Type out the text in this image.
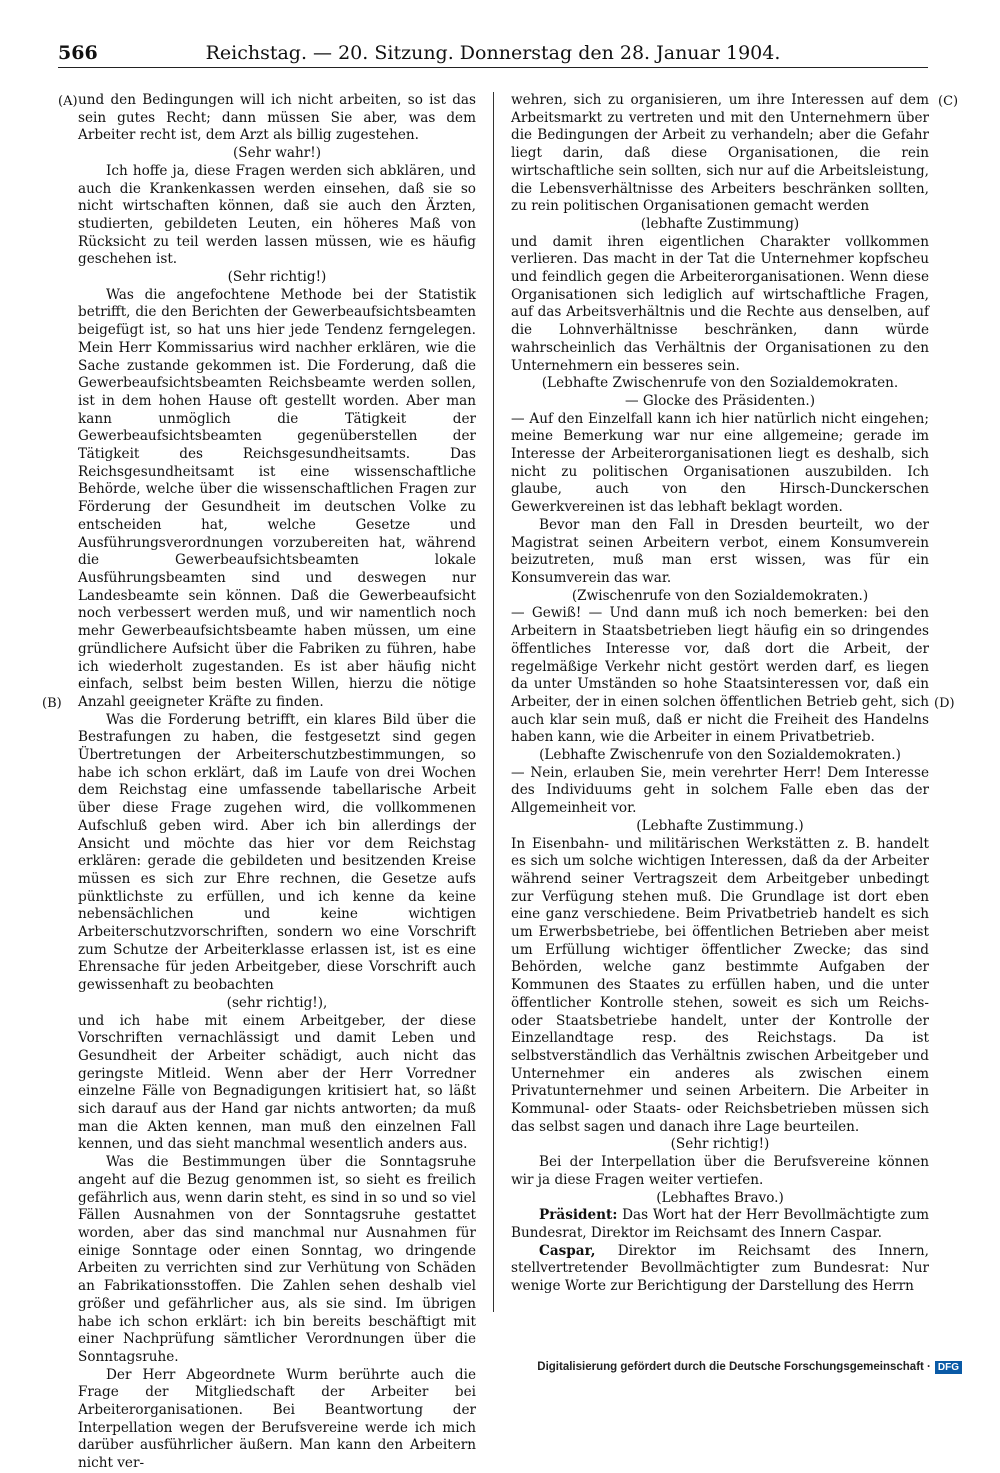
566	Reichstag. — 20. Sitzung. Donnerstag den 28. Januar 1904.
(A)
(B)
(C)
(D)

und den Bedingungen will ich nicht arbeiten, so ist das sein gutes Recht; dann müssen Sie aber, was dem Arbeiter recht ist, dem Arzt als billig zugestehen.

(Sehr wahr!)

Ich hoffe ja, diese Fragen werden sich abklären, und auch die Krankenkassen werden einsehen, daß sie so nicht wirtschaften können, daß sie auch den Ärzten, studierten, gebildeten Leuten, ein höheres Maß von Rücksicht zu teil werden lassen müssen, wie es häufig geschehen ist.

(Sehr richtig!)

Was die angefochtene Methode bei der Statistik betrifft, die den Berichten der Gewerbeaufsichtsbeamten beigefügt ist, so hat uns hier jede Tendenz ferngelegen. Mein Herr Kommissarius wird nachher erklären, wie die Sache zustande gekommen ist. Die Forderung, daß die Gewerbeaufsichtsbeamten Reichsbeamte werden sollen, ist in dem hohen Hause oft gestellt worden. Aber man kann unmöglich die Tätigkeit der Gewerbeaufsichtsbeamten gegenüberstellen der Tätigkeit des Reichsgesundheitsamts. Das Reichsgesundheitsamt ist eine wissenschaftliche Behörde, welche über die wissenschaftlichen Fragen zur Förderung der Gesundheit im deutschen Volke zu entscheiden hat, welche Gesetze und Ausführungsverordnungen vorzubereiten hat, während die Gewerbeaufsichtsbeamten lokale Ausführungsbeamten sind und deswegen nur Landesbeamte sein können. Daß die Gewerbeaufsicht noch verbessert werden muß, und wir namentlich noch mehr Gewerbeaufsichtsbeamte haben müssen, um eine gründlichere Aufsicht über die Fabriken zu führen, habe ich wiederholt zugestanden. Es ist aber häufig nicht einfach, selbst beim besten Willen, hierzu die nötige Anzahl geeigneter Kräfte zu finden.

Was die Forderung betrifft, ein klares Bild über die Bestrafungen zu haben, die festgesetzt sind gegen Übertretungen der Arbeiterschutzbestimmungen, so habe ich schon erklärt, daß im Laufe von drei Wochen dem Reichstag eine umfassende tabellarische Arbeit über diese Frage zugehen wird, die vollkommenen Aufschluß geben wird. Aber ich bin allerdings der Ansicht und möchte das hier vor dem Reichstag erklären: gerade die gebildeten und besitzenden Kreise müssen es sich zur Ehre rechnen, die Gesetze aufs pünktlichste zu erfüllen, und ich kenne da keine nebensächlichen und keine wichtigen Arbeiterschutzvorschriften, sondern wo eine Vorschrift zum Schutze der Arbeiterklasse erlassen ist, ist es eine Ehrensache für jeden Arbeitgeber, diese Vorschrift auch gewissenhaft zu beobachten

(sehr richtig!),

und ich habe mit einem Arbeitgeber, der diese Vorschriften vernachlässigt und damit Leben und Gesundheit der Arbeiter schädigt, auch nicht das geringste Mitleid. Wenn aber der Herr Vorredner einzelne Fälle von Begnadigungen kritisiert hat, so läßt sich darauf aus der Hand gar nichts antworten; da muß man die Akten kennen, man muß den einzelnen Fall kennen, und das sieht manchmal wesentlich anders aus.

Was die Bestimmungen über die Sonntagsruhe angeht auf die Bezug genommen ist, so sieht es freilich gefährlich aus, wenn darin steht, es sind in so und so viel Fällen Ausnahmen von der Sonntagsruhe gestattet worden, aber das sind manchmal nur Ausnahmen für einige Sonntage oder einen Sonntag, wo dringende Arbeiten zu verrichten sind zur Verhütung von Schäden an Fabrikationsstoffen. Die Zahlen sehen deshalb viel größer und gefährlicher aus, als sie sind. Im übrigen habe ich schon erklärt: ich bin bereits beschäftigt mit einer Nachprüfung sämtlicher Verordnungen über die Sonntagsruhe.

Der Herr Abgeordnete Wurm berührte auch die Frage der Mitgliedschaft der Arbeiter bei Arbeiterorganisationen. Bei Beantwortung der Interpellation wegen der Berufsvereine werde ich mich darüber ausführlicher äußern. Man kann den Arbeitern nicht ver-

wehren, sich zu organisieren, um ihre Interessen auf dem Arbeitsmarkt zu vertreten und mit den Unternehmern über die Bedingungen der Arbeit zu verhandeln; aber die Gefahr liegt darin, daß diese Organisationen, die rein wirtschaftliche sein sollten, sich nur auf die Arbeitsleistung, die Lebensverhältnisse des Arbeiters beschränken sollten, zu rein politischen Organisationen gemacht werden

(lebhafte Zustimmung)

und damit ihren eigentlichen Charakter vollkommen verlieren. Das macht in der Tat die Unternehmer kopfscheu und feindlich gegen die Arbeiterorganisationen. Wenn diese Organisationen sich lediglich auf wirtschaftliche Fragen, auf das Arbeitsverhältnis und die Rechte aus denselben, auf die Lohnverhältnisse beschränken, dann würde wahrscheinlich das Verhältnis der Organisationen zu den Unternehmern ein besseres sein.

(Lebhafte Zwischenrufe von den Sozialdemokraten.

— Glocke des Präsidenten.)

— Auf den Einzelfall kann ich hier natürlich nicht eingehen; meine Bemerkung war nur eine allgemeine; gerade im Interesse der Arbeiterorganisationen liegt es deshalb, sich nicht zu politischen Organisationen auszubilden. Ich glaube, auch von den Hirsch-Dunckerschen Gewerkvereinen ist das lebhaft beklagt worden.

Bevor man den Fall in Dresden beurteilt, wo der Magistrat seinen Arbeitern verbot, einem Konsumverein beizutreten, muß man erst wissen, was für ein Konsumverein das war.

(Zwischenrufe von den Sozialdemokraten.)

— Gewiß! — Und dann muß ich noch bemerken: bei den Arbeitern in Staatsbetrieben liegt häufig ein so dringendes öffentliches Interesse vor, daß dort die Arbeit, der regelmäßige Verkehr nicht gestört werden darf, es liegen da unter Umständen so hohe Staatsinteressen vor, daß ein Arbeiter, der in einen solchen öffentlichen Betrieb geht, sich auch klar sein muß, daß er nicht die Freiheit des Handelns haben kann, wie die Arbeiter in einem Privatbetrieb.

(Lebhafte Zwischenrufe von den Sozialdemokraten.)

— Nein, erlauben Sie, mein verehrter Herr! Dem Interesse des Individuums geht in solchem Falle eben das der Allgemeinheit vor.

(Lebhafte Zustimmung.)

In Eisenbahn- und militärischen Werkstätten z. B. handelt es sich um solche wichtigen Interessen, daß da der Arbeiter während seiner Vertragszeit dem Arbeitgeber unbedingt zur Verfügung stehen muß. Die Grundlage ist dort eben eine ganz verschiedene. Beim Privatbetrieb handelt es sich um Erwerbsbetriebe, bei öffentlichen Betrieben aber meist um Erfüllung wichtiger öffentlicher Zwecke; das sind Behörden, welche ganz bestimmte Aufgaben der Kommunen des Staates zu erfüllen haben, und die unter öffentlicher Kontrolle stehen, soweit es sich um Reichs- oder Staatsbetriebe handelt, unter der Kontrolle der Einzellandtage resp. des Reichstags. Da ist selbstverständlich das Verhältnis zwischen Arbeitgeber und Unternehmer ein anderes als zwischen einem Privatunternehmer und seinen Arbeitern. Die Arbeiter in Kommunal- oder Staats- oder Reichsbetrieben müssen sich das selbst sagen und danach ihre Lage beurteilen.

(Sehr richtig!)

Bei der Interpellation über die Berufsvereine können wir ja diese Fragen weiter vertiefen.

(Lebhaftes Bravo.)

Präsident: Das Wort hat der Herr Bevollmächtigte zum Bundesrat, Direktor im Reichsamt des Innern Caspar.

Caspar, Direktor im Reichsamt des Innern, stellvertretender Bevollmächtigter zum Bundesrat: Nur wenige Worte zur Berichtigung der Darstellung des Herrn

Digitalisierung gefördert durch die Deutsche Forschungsgemeinschaft · DFG
